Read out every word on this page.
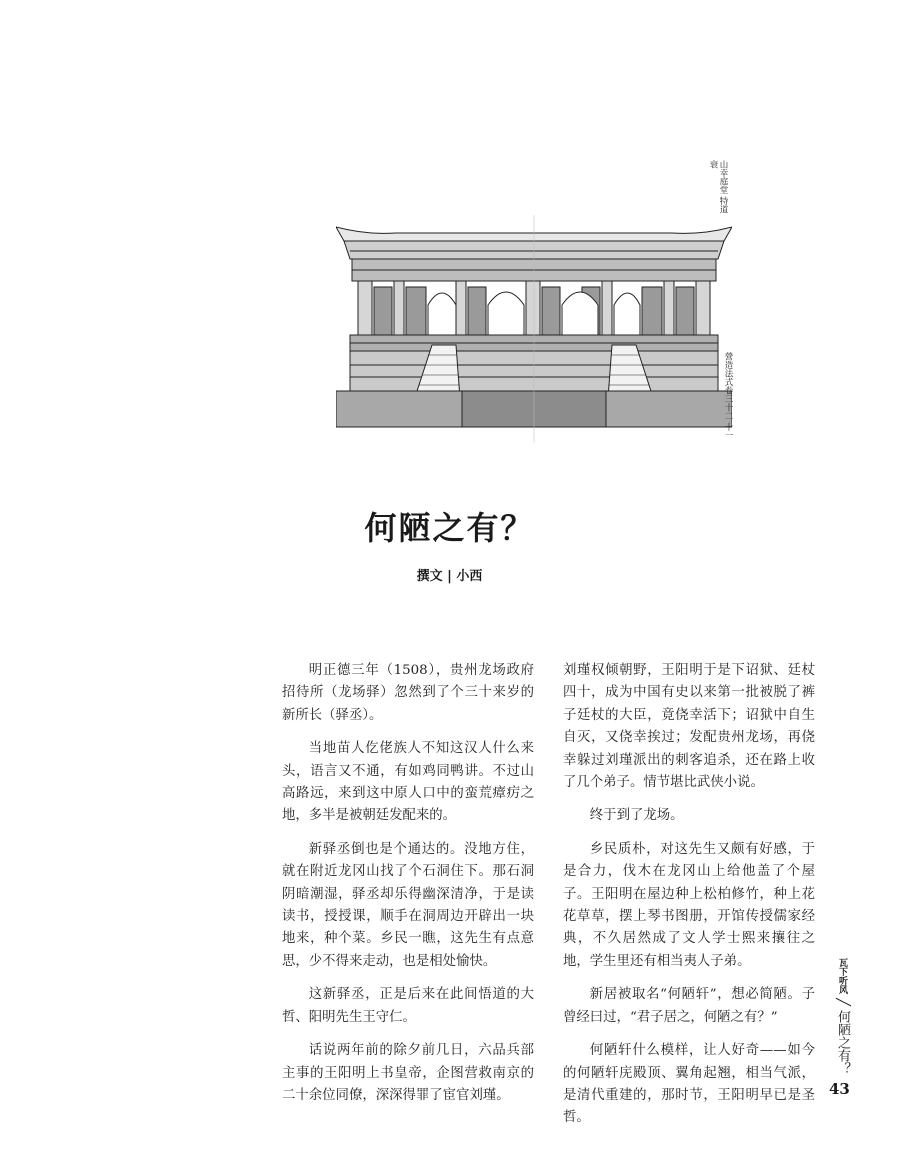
山幸庭堂 特道衰
營造法式卷三十二 十一
何陋之有？
撰文 | 小西

明正德三年（1508），贵州龙场政府招待所（龙场驿）忽然到了个三十来岁的新所长（驿丞）。

当地苗人仡佬族人不知这汉人什么来头，语言又不通，有如鸡同鸭讲。不过山高路远，来到这中原人口中的蛮荒瘴疠之地，多半是被朝廷发配来的。

新驿丞倒也是个通达的。没地方住，就在附近龙冈山找了个石洞住下。那石洞阴暗潮湿，驿丞却乐得幽深清净，于是读读书，授授课，顺手在洞周边开辟出一块地来，种个菜。乡民一瞧，这先生有点意思，少不得来走动，也是相处愉快。

这新驿丞，正是后来在此间悟道的大哲、阳明先生王守仁。

话说两年前的除夕前几日，六品兵部主事的王阳明上书皇帝，企图营救南京的二十余位同僚，深深得罪了宦官刘瑾。

刘瑾权倾朝野，王阳明于是下诏狱、廷杖四十，成为中国有史以来第一批被脱了裤子廷杖的大臣，竟侥幸活下；诏狱中自生自灭，又侥幸挨过；发配贵州龙场，再侥幸躲过刘瑾派出的刺客追杀，还在路上收了几个弟子。情节堪比武侠小说。

终于到了龙场。

乡民质朴，对这先生又颇有好感，于是合力，伐木在龙冈山上给他盖了个屋子。王阳明在屋边种上松柏修竹，种上花花草草，摆上琴书图册，开馆传授儒家经典，不久居然成了文人学士熙来攘往之地，学生里还有相当夷人子弟。

新居被取名“何陋轩”，想必简陋。子曾经曰过，“君子居之，何陋之有？”

何陋轩什么模样，让人好奇——如今的何陋轩庑殿顶、翼角起翘，相当气派，是清代重建的，那时节，王阳明早已是圣哲。

瓦下听风 ╱ 何陋之有？
43
